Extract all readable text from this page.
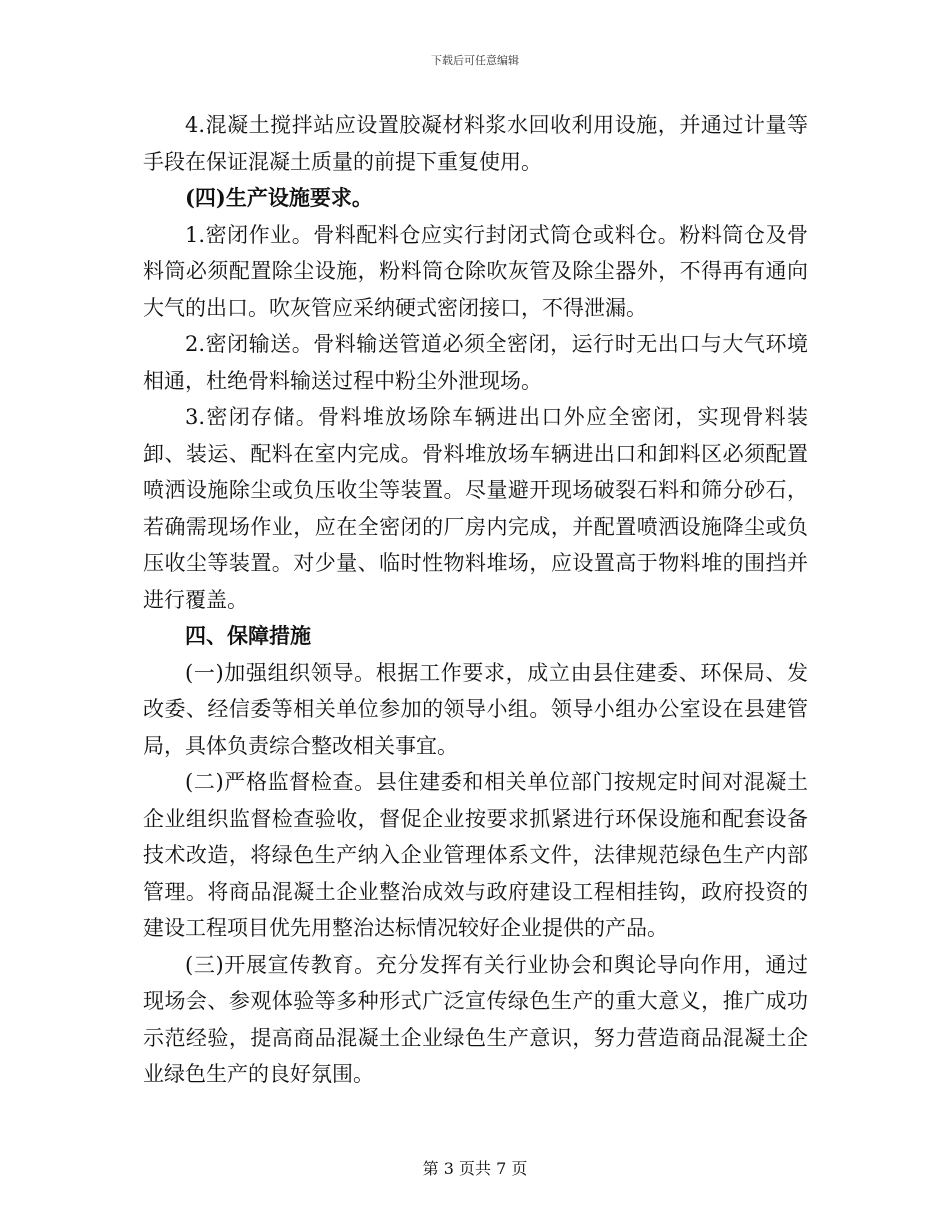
下载后可任意编辑

4.混凝土搅拌站应设置胶凝材料浆水回收利用设施，并通过计量等手段在保证混凝土质量的前提下重复使用。

(四)生产设施要求。

1.密闭作业。骨料配料仓应实行封闭式筒仓或料仓。粉料筒仓及骨料筒必须配置除尘设施，粉料筒仓除吹灰管及除尘器外，不得再有通向大气的出口。吹灰管应采纳硬式密闭接口，不得泄漏。

2.密闭输送。骨料输送管道必须全密闭，运行时无出口与大气环境相通，杜绝骨料输送过程中粉尘外泄现场。

3.密闭存储。骨料堆放场除车辆进出口外应全密闭，实现骨料装卸、装运、配料在室内完成。骨料堆放场车辆进出口和卸料区必须配置喷洒设施除尘或负压收尘等装置。尽量避开现场破裂石料和筛分砂石，若确需现场作业，应在全密闭的厂房内完成，并配置喷洒设施降尘或负压收尘等装置。对少量、临时性物料堆场，应设置高于物料堆的围挡并进行覆盖。

四、保障措施

(一)加强组织领导。根据工作要求，成立由县住建委、环保局、发改委、经信委等相关单位参加的领导小组。领导小组办公室设在县建管局，具体负责综合整改相关事宜。

(二)严格监督检查。县住建委和相关单位部门按规定时间对混凝土企业组织监督检查验收，督促企业按要求抓紧进行环保设施和配套设备技术改造，将绿色生产纳入企业管理体系文件，法律规范绿色生产内部管理。将商品混凝土企业整治成效与政府建设工程相挂钩，政府投资的建设工程项目优先用整治达标情况较好企业提供的产品。

(三)开展宣传教育。充分发挥有关行业协会和舆论导向作用，通过现场会、参观体验等多种形式广泛宣传绿色生产的重大意义，推广成功示范经验，提高商品混凝土企业绿色生产意识，努力营造商品混凝土企业绿色生产的良好氛围。

第 3 页共 7 页
